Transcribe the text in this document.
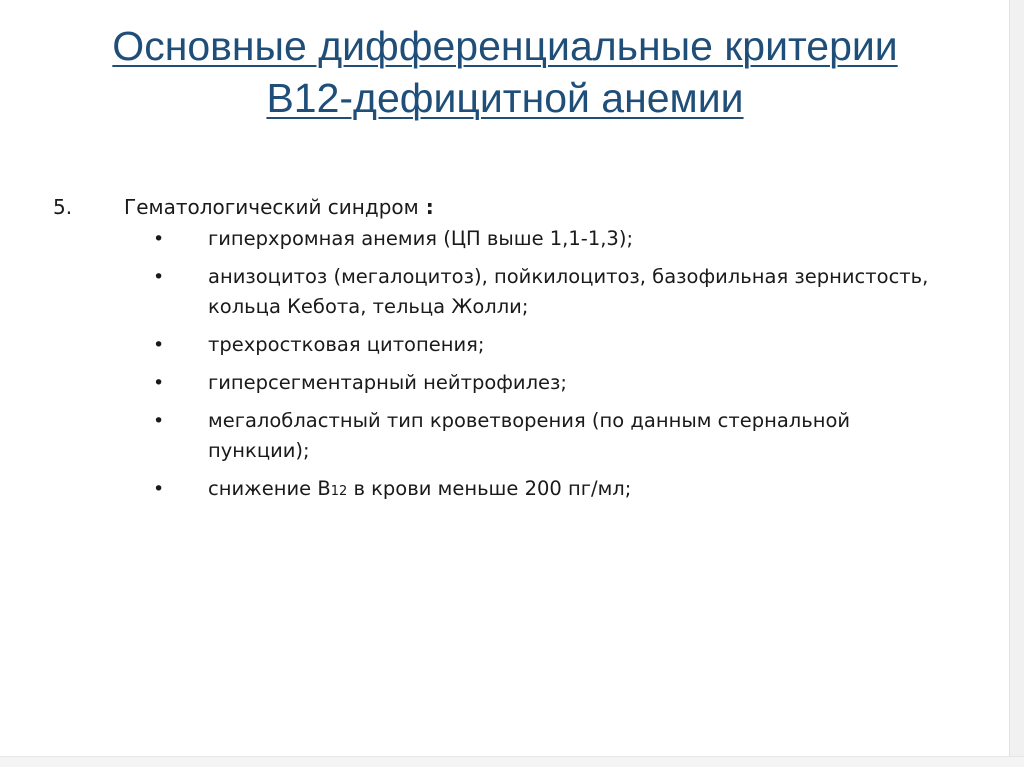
Основные дифференциальные критерии
B12-дефицитной анемии
5.	Гематологический синдром :
• гиперхромная анемия (ЦП выше 1,1-1,3);
• анизоцитоз (мегалоцитоз), пойкилоцитоз, базофильная зернистость, кольца Кебота, тельца Жолли;
• трехростковая цитопения;
• гиперсегментарный нейтрофилез;
• мегалобластный тип кроветворения (по данным стернальной пункции);
• снижение B12 в крови меньше 200 пг/мл;
